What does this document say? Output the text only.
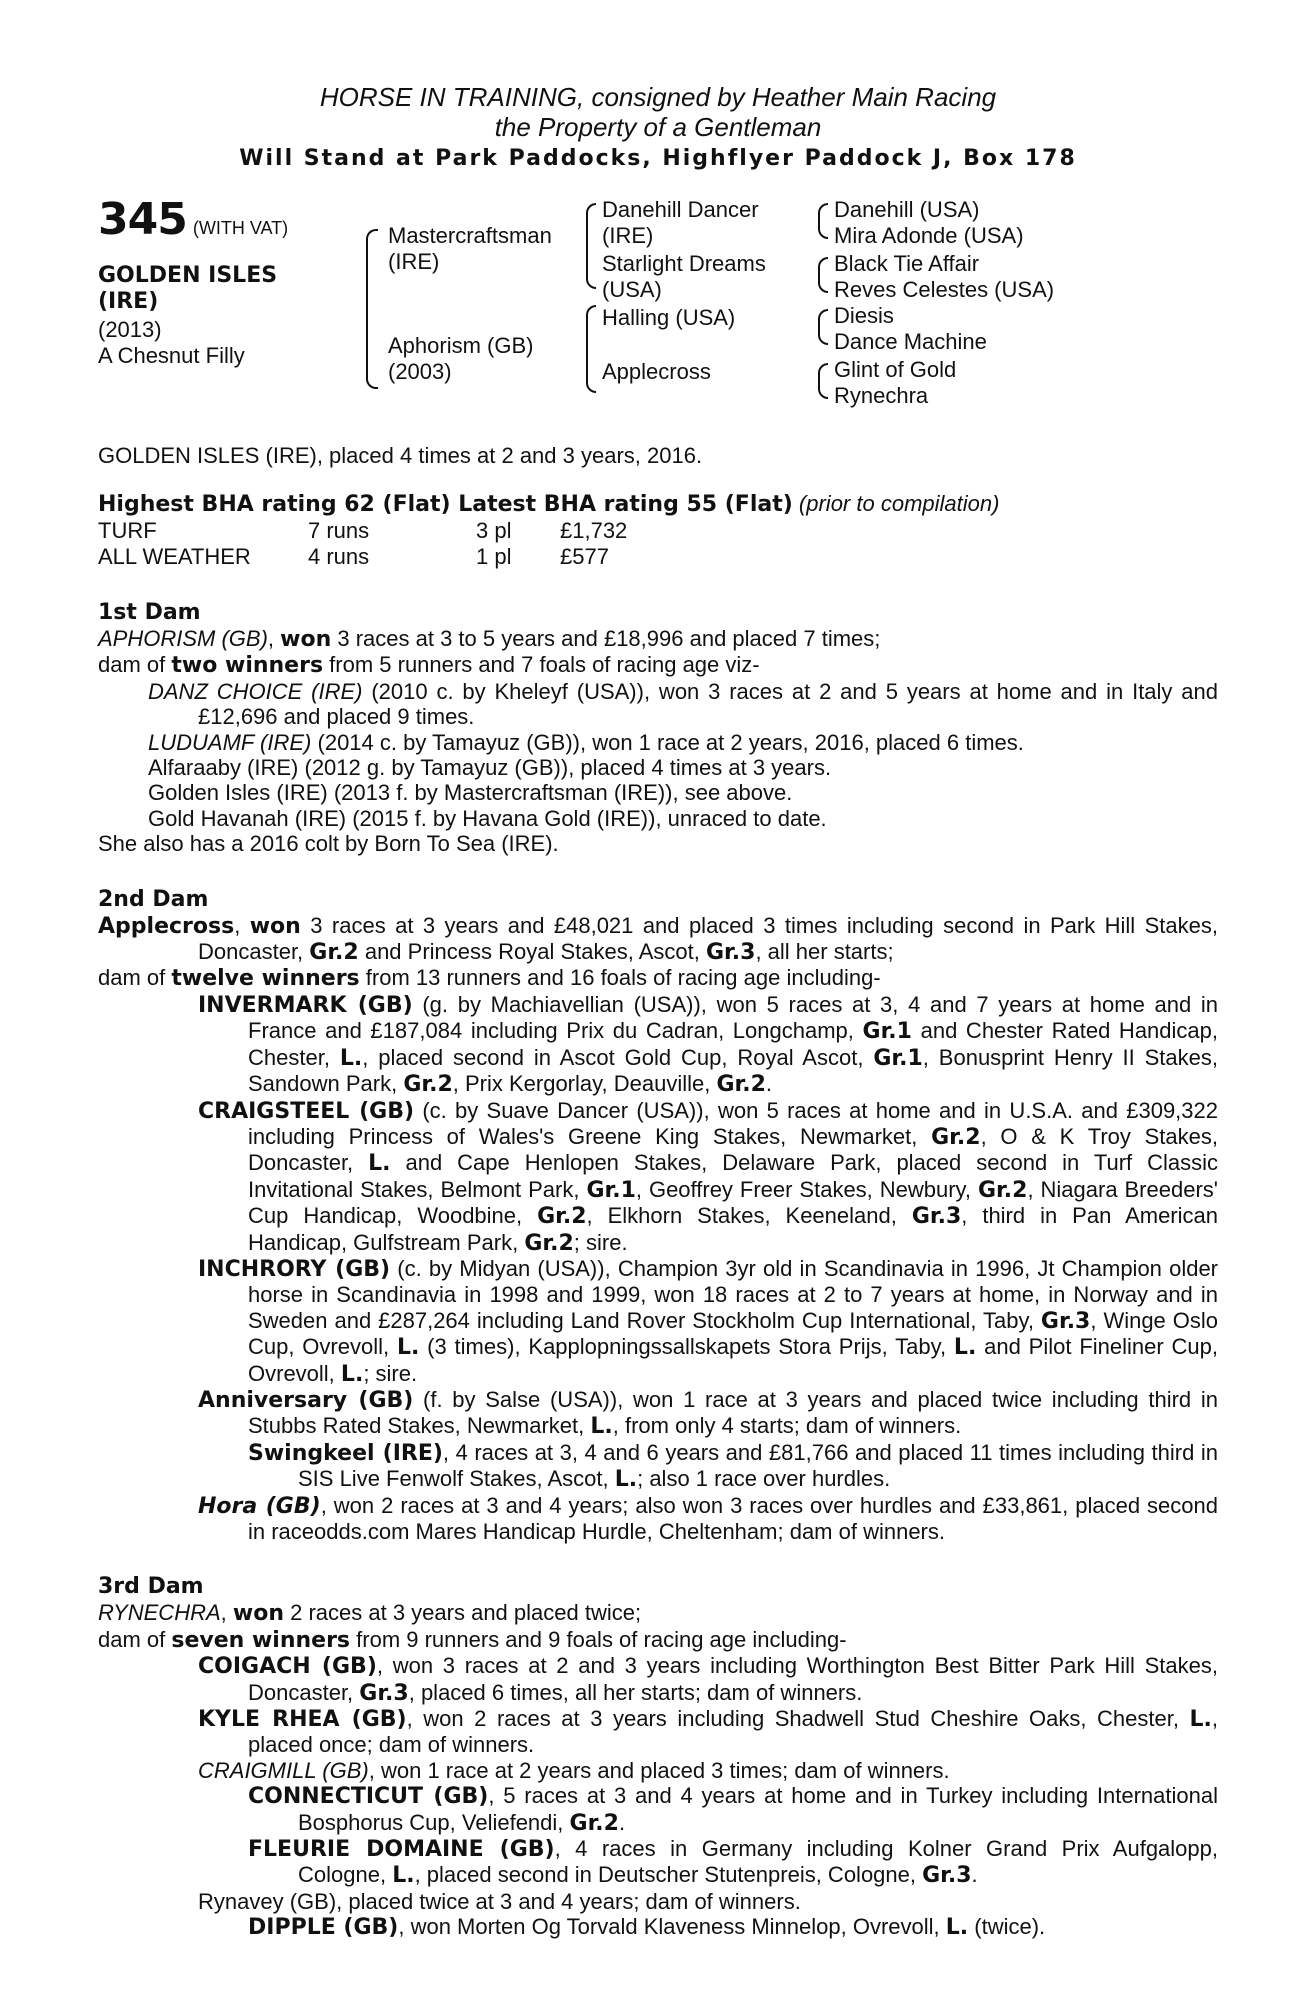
HORSE IN TRAINING, consigned by Heather Main Racing
the Property of a Gentleman
Will Stand at Park Paddocks, Highflyer Paddock J, Box 178
345 (WITH VAT)
GOLDEN ISLES
(IRE)
(2013)
A Chesnut Filly
Mastercraftsman
(IRE)
Aphorism (GB)
(2003)
Danehill Dancer
(IRE)
Starlight Dreams
(USA)
Halling (USA)
Applecross
Danehill (USA)
Mira Adonde (USA)
Black Tie Affair
Reves Celestes (USA)
Diesis
Dance Machine
Glint of Gold
Rynechra
GOLDEN ISLES (IRE), placed 4 times at 2 and 3 years, 2016.
Highest BHA rating 62 (Flat) Latest BHA rating 55 (Flat) (prior to compilation)
TURF	7 runs	3 pl	£1,732
ALL WEATHER	4 runs	1 pl	£577
1st Dam

APHORISM (GB), won 3 races at 3 to 5 years and £18,996 and placed 7 times;

dam of two winners from 5 runners and 7 foals of racing age viz-

DANZ CHOICE (IRE) (2010 c. by Kheleyf (USA)), won 3 races at 2 and 5 years at home and in Italy and £12,696 and placed 9 times.

LUDUAMF (IRE) (2014 c. by Tamayuz (GB)), won 1 race at 2 years, 2016, placed 6 times.

Alfaraaby (IRE) (2012 g. by Tamayuz (GB)), placed 4 times at 3 years.

Golden Isles (IRE) (2013 f. by Mastercraftsman (IRE)), see above.

Gold Havanah (IRE) (2015 f. by Havana Gold (IRE)), unraced to date.

She also has a 2016 colt by Born To Sea (IRE).

2nd Dam

Applecross, won 3 races at 3 years and £48,021 and placed 3 times including second in Park Hill Stakes, Doncaster, Gr.2 and Princess Royal Stakes, Ascot, Gr.3, all her starts;

dam of twelve winners from 13 runners and 16 foals of racing age including-

INVERMARK (GB) (g. by Machiavellian (USA)), won 5 races at 3, 4 and 7 years at home and in France and £187,084 including Prix du Cadran, Longchamp, Gr.1 and Chester Rated Handicap, Chester, L., placed second in Ascot Gold Cup, Royal Ascot, Gr.1, Bonusprint Henry II Stakes, Sandown Park, Gr.2, Prix Kergorlay, Deauville, Gr.2.

CRAIGSTEEL (GB) (c. by Suave Dancer (USA)), won 5 races at home and in U.S.A. and £309,322 including Princess of Wales's Greene King Stakes, Newmarket, Gr.2, O & K Troy Stakes, Doncaster, L. and Cape Henlopen Stakes, Delaware Park, placed second in Turf Classic Invitational Stakes, Belmont Park, Gr.1, Geoffrey Freer Stakes, Newbury, Gr.2, Niagara Breeders' Cup Handicap, Woodbine, Gr.2, Elkhorn Stakes, Keeneland, Gr.3, third in Pan American Handicap, Gulfstream Park, Gr.2; sire.

INCHRORY (GB) (c. by Midyan (USA)), Champion 3yr old in Scandinavia in 1996, Jt Champion older horse in Scandinavia in 1998 and 1999, won 18 races at 2 to 7 years at home, in Norway and in Sweden and £287,264 including Land Rover Stockholm Cup International, Taby, Gr.3, Winge Oslo Cup, Ovrevoll, L. (3 times), Kapplopningssallskapets Stora Prijs, Taby, L. and Pilot Fineliner Cup, Ovrevoll, L.; sire.

Anniversary (GB) (f. by Salse (USA)), won 1 race at 3 years and placed twice including third in Stubbs Rated Stakes, Newmarket, L., from only 4 starts; dam of winners.

Swingkeel (IRE), 4 races at 3, 4 and 6 years and £81,766 and placed 11 times including third in SIS Live Fenwolf Stakes, Ascot, L.; also 1 race over hurdles.

Hora (GB), won 2 races at 3 and 4 years; also won 3 races over hurdles and £33,861, placed second in raceodds.com Mares Handicap Hurdle, Cheltenham; dam of winners.

3rd Dam

RYNECHRA, won 2 races at 3 years and placed twice;

dam of seven winners from 9 runners and 9 foals of racing age including-

COIGACH (GB), won 3 races at 2 and 3 years including Worthington Best Bitter Park Hill Stakes, Doncaster, Gr.3, placed 6 times, all her starts; dam of winners.

KYLE RHEA (GB), won 2 races at 3 years including Shadwell Stud Cheshire Oaks, Chester, L., placed once; dam of winners.

CRAIGMILL (GB), won 1 race at 2 years and placed 3 times; dam of winners.

CONNECTICUT (GB), 5 races at 3 and 4 years at home and in Turkey including International Bosphorus Cup, Veliefendi, Gr.2.

FLEURIE DOMAINE (GB), 4 races in Germany including Kolner Grand Prix Aufgalopp, Cologne, L., placed second in Deutscher Stutenpreis, Cologne, Gr.3.

Rynavey (GB), placed twice at 3 and 4 years; dam of winners.

DIPPLE (GB), won Morten Og Torvald Klaveness Minnelop, Ovrevoll, L. (twice).
